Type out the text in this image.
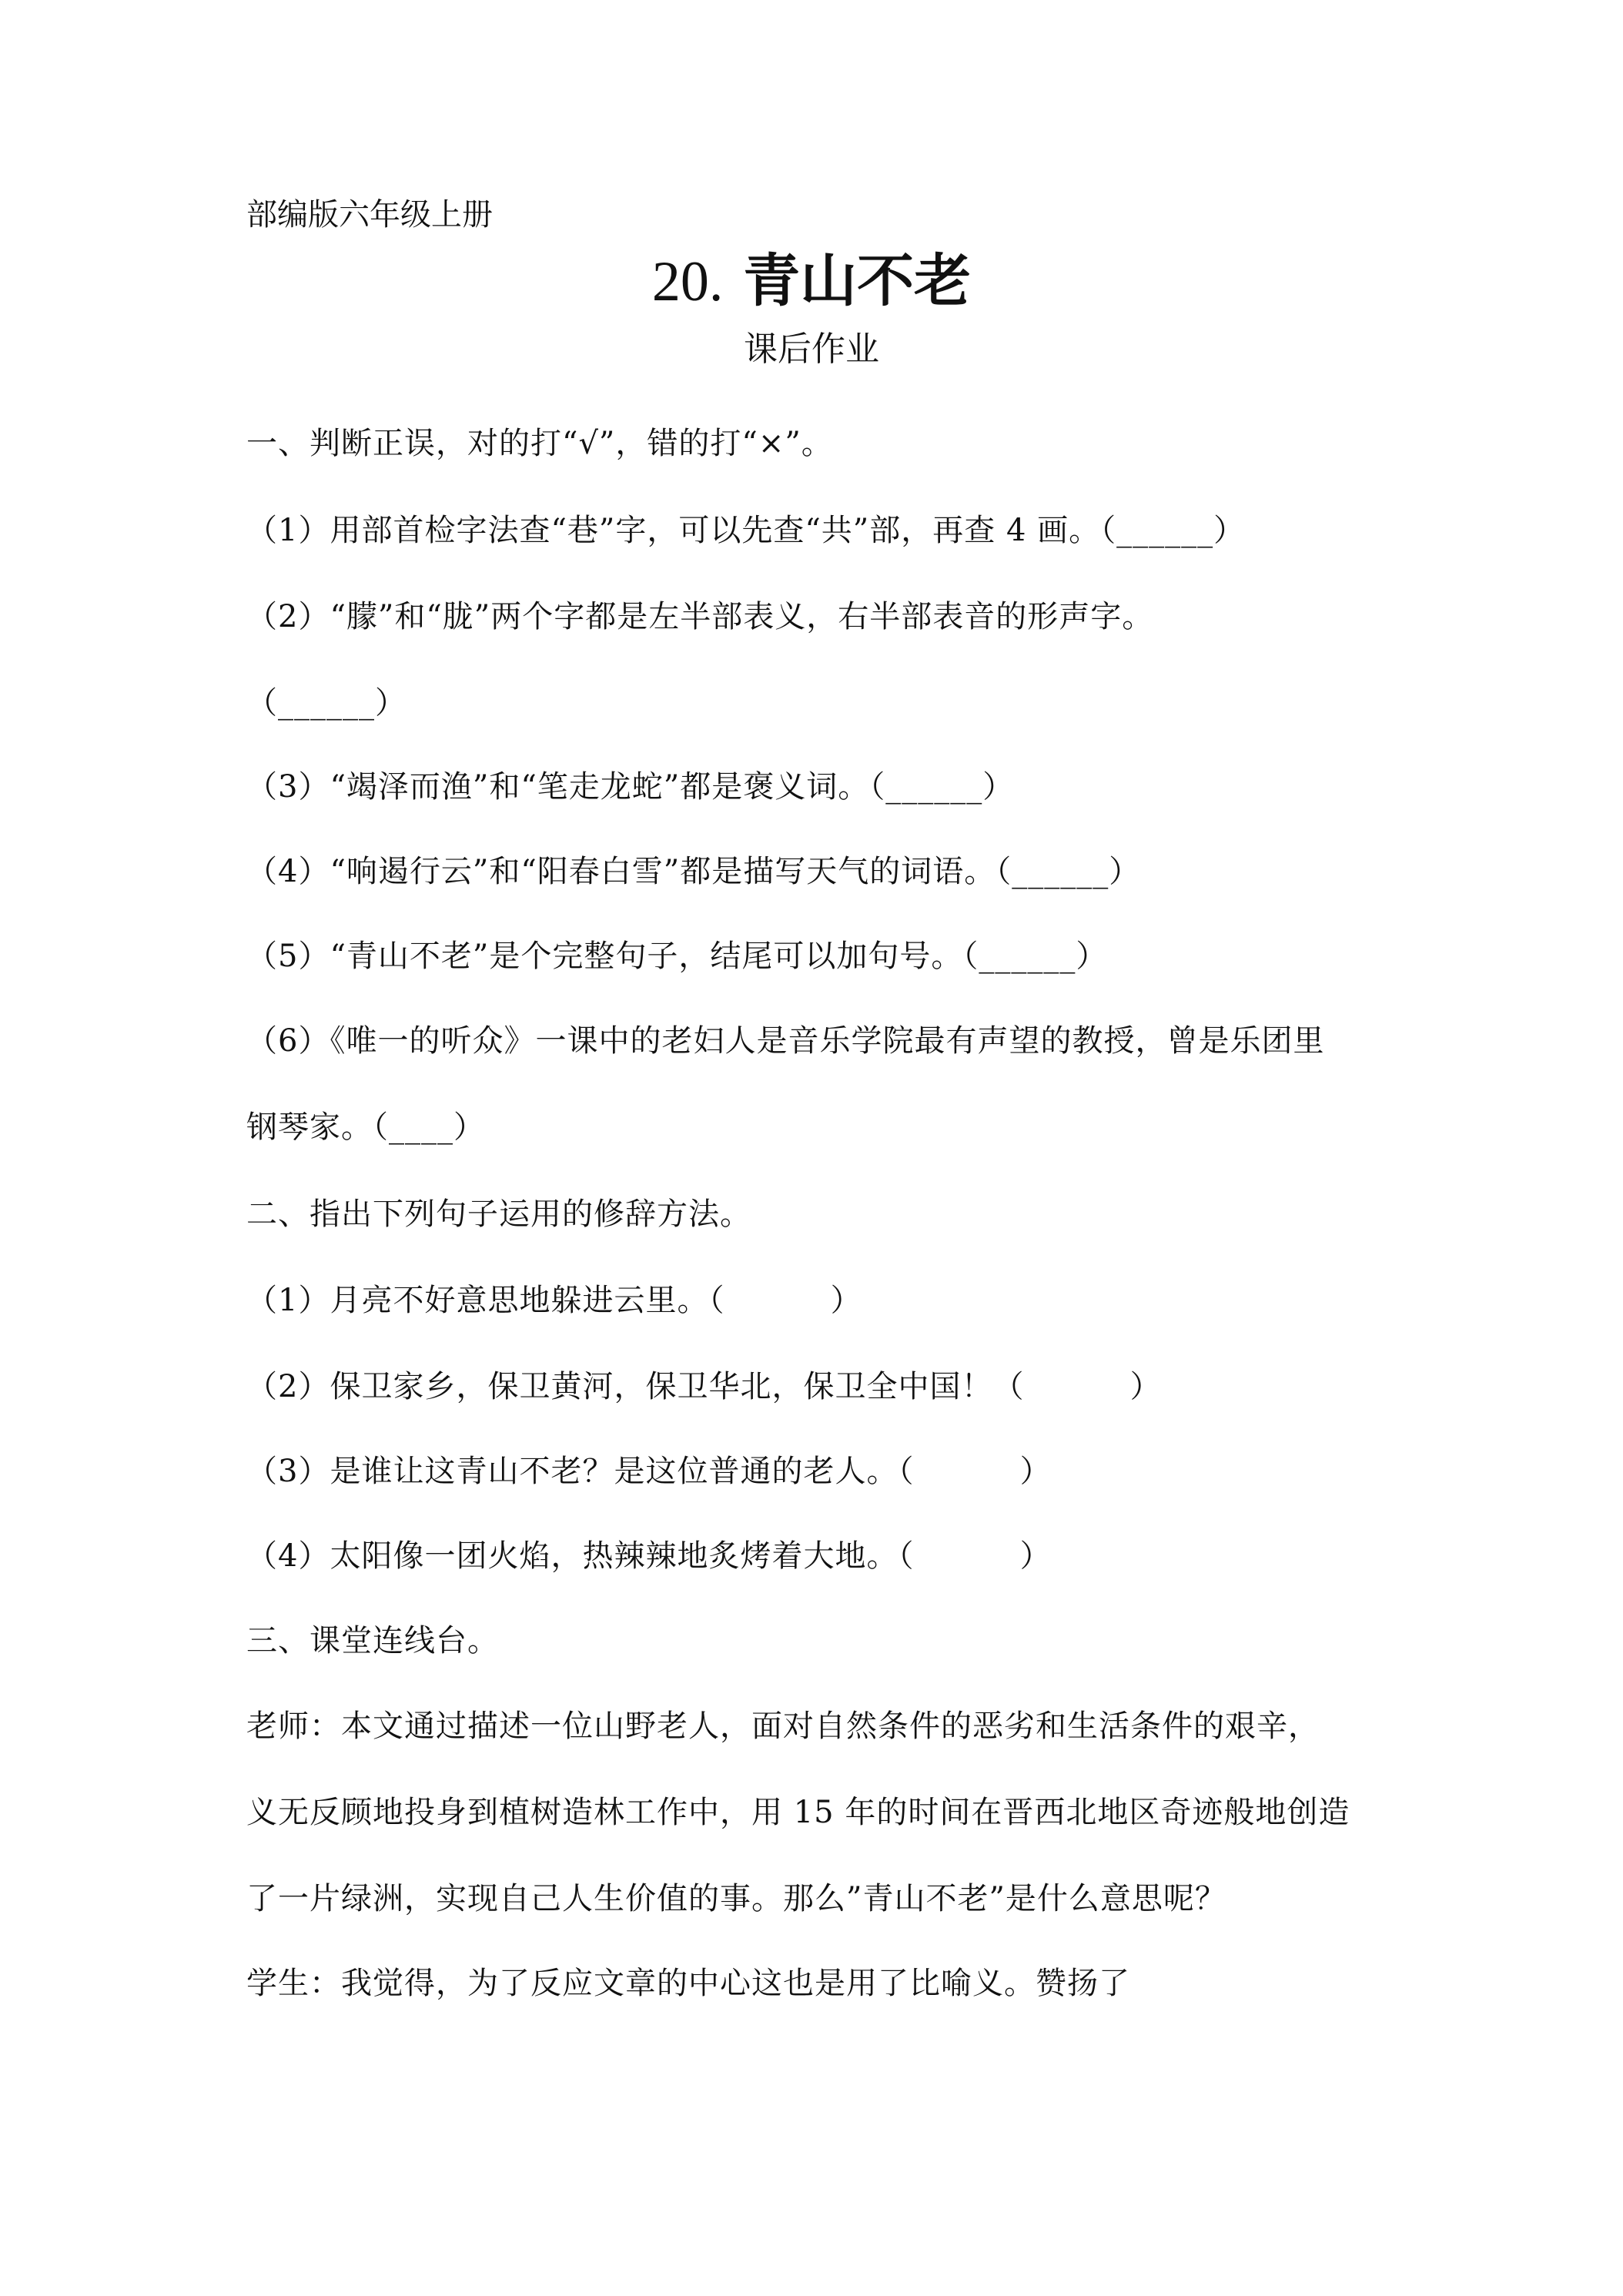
部编版六年级上册
20. 青山不老
课后作业
一、判断正误，对的打“√”，错的打“×”。
（1）用部首检字法查“巷”字，可以先查“共”部，再查 4 画。（______）
（2）“朦”和“胧”两个字都是左半部表义，右半部表音的形声字。
（______）
（3）“竭泽而渔”和“笔走龙蛇”都是褒义词。（______）
（4）“响遏行云”和“阳春白雪”都是描写天气的词语。（______）
（5）“青山不老”是个完整句子，结尾可以加句号。（______）
（6）《唯一的听众》一课中的老妇人是音乐学院最有声望的教授，曾是乐团里
钢琴家。（____）
二、指出下列句子运用的修辞方法。
（1）月亮不好意思地躲进云里。（          ）
（2）保卫家乡，保卫黄河，保卫华北，保卫全中国！（          ）
（3）是谁让这青山不老？是这位普通的老人。（          ）
（4）太阳像一团火焰，热辣辣地炙烤着大地。（          ）
三、课堂连线台。
老师：本文通过描述一位山野老人，面对自然条件的恶劣和生活条件的艰辛，
义无反顾地投身到植树造林工作中，用 15 年的时间在晋西北地区奇迹般地创造
了一片绿洲，实现自己人生价值的事。那么”青山不老”是什么意思呢？
学生：我觉得，为了反应文章的中心这也是用了比喻义。赞扬了
